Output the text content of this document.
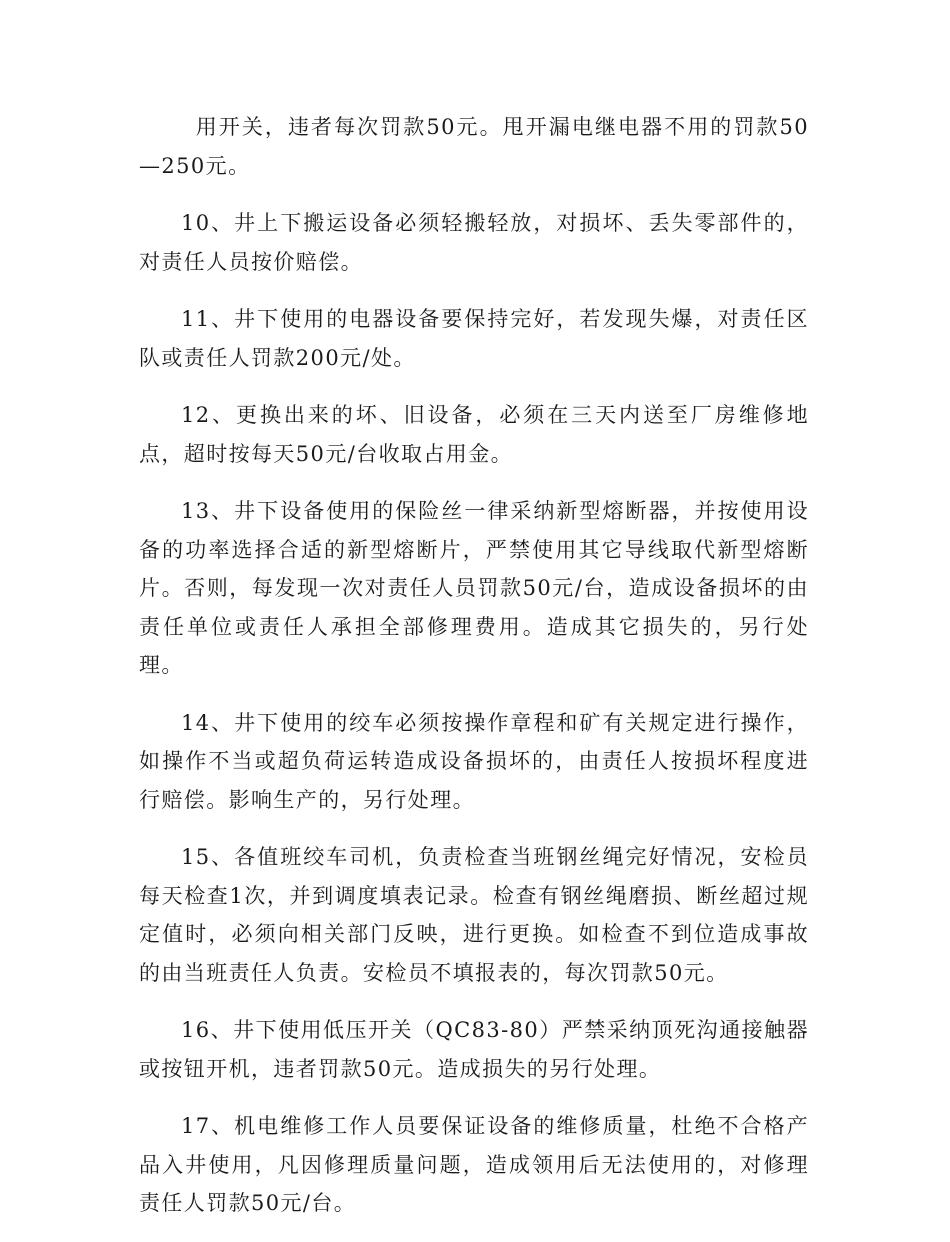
用开关，违者每次罚款50元。甩开漏电继电器不用的罚款50—250元。

10、井上下搬运设备必须轻搬轻放，对损坏、丢失零部件的，对责任人员按价赔偿。

11、井下使用的电器设备要保持完好，若发现失爆，对责任区队或责任人罚款200元/处。

12、更换出来的坏、旧设备，必须在三天内送至厂房维修地点，超时按每天50元/台收取占用金。

13、井下设备使用的保险丝一律采纳新型熔断器，并按使用设备的功率选择合适的新型熔断片，严禁使用其它导线取代新型熔断片。否则，每发现一次对责任人员罚款50元/台，造成设备损坏的由责任单位或责任人承担全部修理费用。造成其它损失的，另行处理。

14、井下使用的绞车必须按操作章程和矿有关规定进行操作，如操作不当或超负荷运转造成设备损坏的，由责任人按损坏程度进行赔偿。影响生产的，另行处理。

15、各值班绞车司机，负责检查当班钢丝绳完好情况，安检员每天检查1次，并到调度填表记录。检查有钢丝绳磨损、断丝超过规定值时，必须向相关部门反映，进行更换。如检查不到位造成事故的由当班责任人负责。安检员不填报表的，每次罚款50元。

16、井下使用低压开关（QC83-80）严禁采纳顶死沟通接触器或按钮开机，违者罚款50元。造成损失的另行处理。

17、机电维修工作人员要保证设备的维修质量，杜绝不合格产品入井使用，凡因修理质量问题，造成领用后无法使用的，对修理责任人罚款50元/台。
